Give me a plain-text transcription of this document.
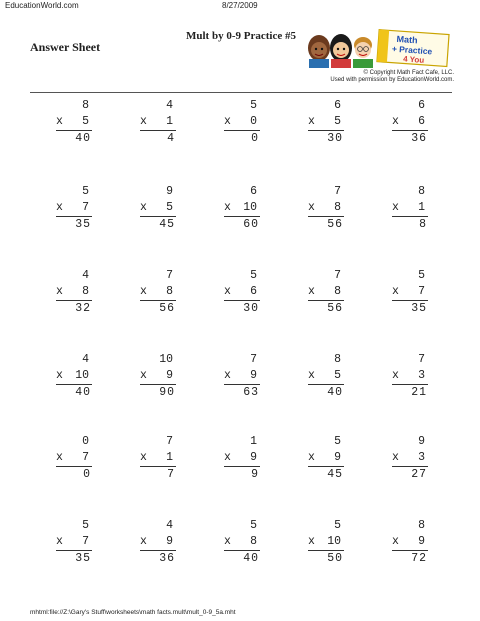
EducationWorld.com	8/27/2009
Answer Sheet
Mult by 0-9 Practice #5	Math
+ Practice
4 You
© Copyright Math Fact Cafe, LLC.
Used with permission by EducationWorld.com.
8
x 5
40
4
x 1
4
5
x 0
0
6
x 5
30
6
x 6
36
5
x 7
35
9
x 5
45
6
x 10
60
7
x 8
56
8
x 1
8
4
x 8
32
7
x 8
56
5
x 6
30
7
x 8
56
5
x 7
35
4
x 10
40
10
x 9
90
7
x 9
63
8
x 5
40
7
x 3
21
0
x 7
0
7
x 1
7
1
x 9
9
5
x 9
45
9
x 3
27
5
x 7
35
4
x 9
36
5
x 8
40
5
x 10
50
8
x 9
72
mhtml:file://Z:\Gary's Stuff\worksheets\math facts.mult\mult_0-9_5a.mht
